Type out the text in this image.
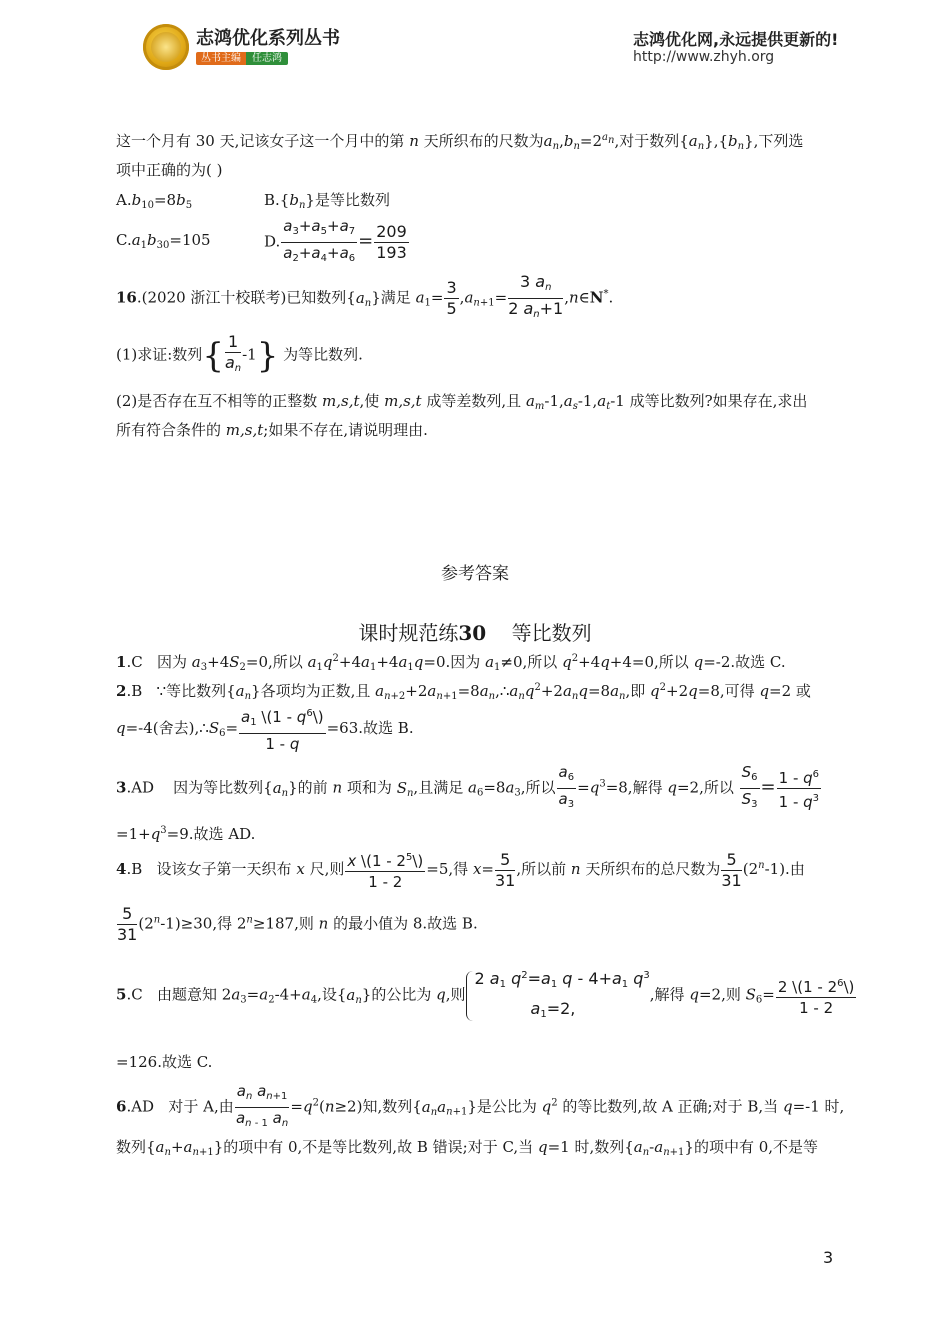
志鸿优化系列丛书
丛书主编 任志鸿
志鸿优化网,永远提供更新的!
http://www.zhyh.org
这一个月有 30 天,记该女子这一个月中的第 n 天所织布的尺数为$a_n,b_n=2^{a_n}$,对于数列$\{a_n\},\{b_n\}$,下列选
项中正确的为( )
$A.b_{10}=8b_5$	$B.\{b_n\}$是等比数列
$C.a_1b_{30}=105$	D. $\frac{a_3+a_5+a_7}{a_2+a_4+a_6} = \frac{209}{193}$
16.(2020 浙江十校联考)已知数列$\{a_n\}$满足 $a_1= \frac{3}{5} ,a_{n+1}= \frac{3 a_n}{2 a_n+1}$ ,n∈N*.
(1)求证:数列{ $\frac{1}{a_n} -1$} 为等比数列.
(2)是否存在互不相等的正整数 m,s,t,使 m,s,t 成等差数列,且 $a_m-1,a_s-1,a_t-1$ 成等比数列?如果存在,求出
所有符合条件的 m,s,t;如果不存在,请说明理由.
参考答案
课时规范练30 等比数列
1.C 因为 $a_3+4S_2=0$,所以 $a_1q^2+4a_1+4a_1q=0$.因为 $a_1\ne 0$,所以 $q^2+4q+4=0$,所以 q=-2.故选 C.
2.B ∵等比数列$\{a_n\}$各项均为正数,且 $a_{n+2}+2a_{n+1}=8a_n,\therefore a_nq^2+2a_nq=8a_n$,即 $q^2+2q=8$,可得 q=2 或
q=-4(舍去)$,\therefore S_6= \frac{a_1 \backslash(1 - q^6\backslash)}{1 - q} =63$.故选 B.
3.AD 因为等比数列$\{a_n\}$的前 n 项和为 $S_n$,且满足 $a_6=8a_3$,所以 $\frac{a_6}{a_3} =q^3=8$,解得 q=2,所以 $\frac{S_6}{S_3} = \frac{1 - q^6}{1 - q^3}$
$=1+q^3=9$.故选 AD.
4.B 设该女子第一天织布 x 尺,则 $\frac{x \backslash(1 - 2^5\backslash)}{1 - 2} =5$,得 $x= \frac{5}{31}$ ,所以前 n 天所织布的总尺数为 $\frac{5}{31} (2^n-1)$.由
$\frac{5}{31} (2^n-1)\ge 30$,得 $2^n\ge 187$,则 n 的最小值为 8.故选 B.
5.C 由题意知 $2a_3=a_2-4+a_4$,设$\{a_n\}$的公比为 q,则
2 $a_1$ $q^2=a_1$ $q - 4+a_1$ $q^3$
$a_1=2$,
,解得 q=2,则 $S_6= \frac{2 \backslash(1 - 2^6\backslash)}{1 - 2}$
=126.故选 C.
6.AD 对于 A,由 $\frac{a_n a_{n+1}}{a_{n - 1} a_n} =q^2(n\ge 2)$知,数列$\{a_na_{n+1}\}$是公比为 $q^2$ 的等比数列,故 A 正确;对于 B,当 q=-1 时,
数列$\{a_n+a_{n+1}\}$的项中有 0,不是等比数列,故 B 错误;对于 C,当 q=1 时,数列$\{a_n-a_{n+1}\}$的项中有 0,不是等
3
